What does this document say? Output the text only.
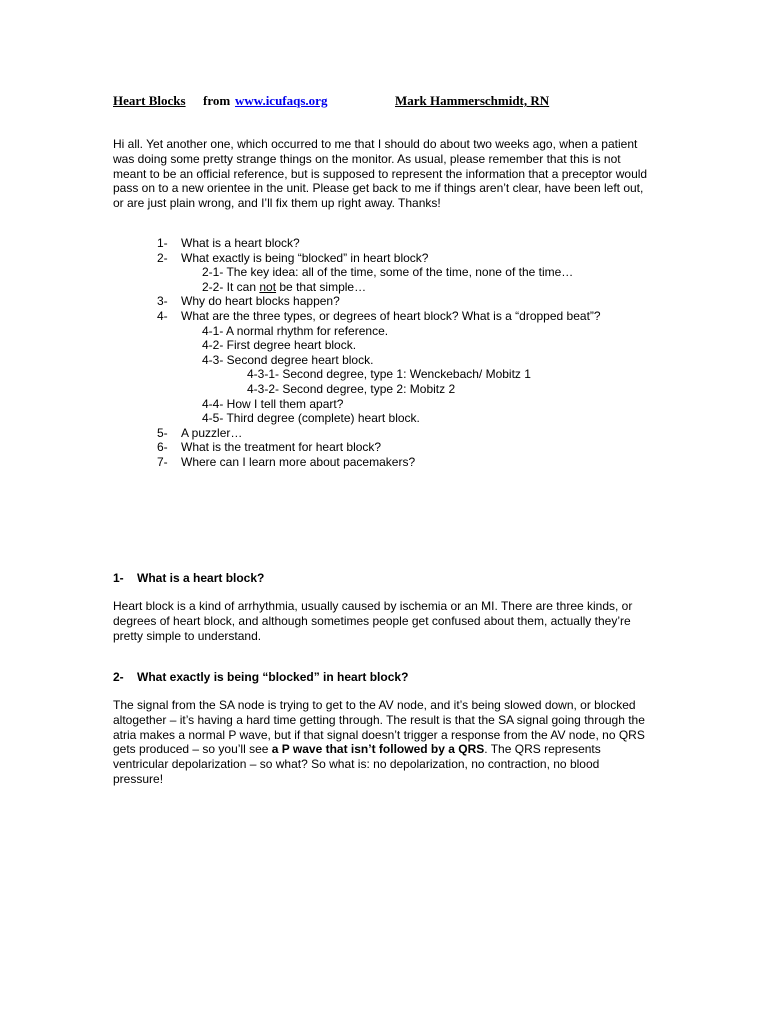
Heart Blocks from www.icufaqs.org	Mark Hammerschmidt, RN
Hi all. Yet another one, which occurred to me that I should do about two weeks ago, when a patient was doing some pretty strange things on the monitor. As usual, please remember that this is not meant to be an official reference, but is supposed to represent the information that a preceptor would pass on to a new orientee in the unit. Please get back to me if things aren’t clear, have been left out, or are just plain wrong, and I’ll fix them up right away. Thanks!
1- What is a heart block?
2- What exactly is being “blocked” in heart block?
2-1- The key idea: all of the time, some of the time, none of the time…
2-2- It can not be that simple…
3- Why do heart blocks happen?
4- What are the three types, or degrees of heart block? What is a “dropped beat”?
4-1- A normal rhythm for reference.
4-2- First degree heart block.
4-3- Second degree heart block.
4-3-1- Second degree, type 1: Wenckebach/ Mobitz 1
4-3-2- Second degree, type 2: Mobitz 2
4-4- How I tell them apart?
4-5- Third degree (complete) heart block.
5- A puzzler…
6- What is the treatment for heart block?
7- Where can I learn more about pacemakers?
1- What is a heart block?
Heart block is a kind of arrhythmia, usually caused by ischemia or an MI. There are three kinds, or degrees of heart block, and although sometimes people get confused about them, actually they’re pretty simple to understand.
2- What exactly is being “blocked” in heart block?
The signal from the SA node is trying to get to the AV node, and it’s being slowed down, or blocked altogether – it’s having a hard time getting through. The result is that the SA signal going through the atria makes a normal P wave, but if that signal doesn’t trigger a response from the AV node, no QRS gets produced – so you’ll see a P wave that isn’t followed by a QRS. The QRS represents ventricular depolarization – so what? So what is: no depolarization, no contraction, no blood pressure!
